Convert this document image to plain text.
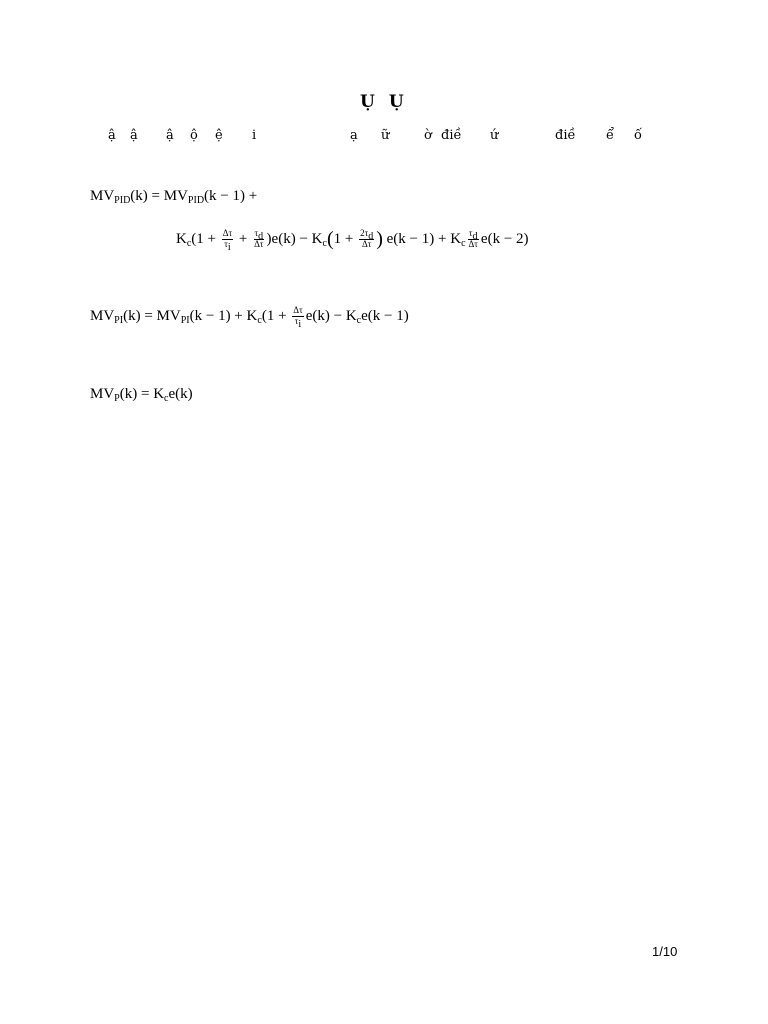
Ụ Ụ
ậ ậ ậ ộ ệ i	ạ ữ	ờ điề ứ	điề ể ố
$MV_{PID}(k) = MV_{PID}(k - 1)$ +
$K_c(1 + \frac{\Delta\tau}{\tau_i} + \frac{\tau_d}{\Delta\tau} )e(k) - K_c(1 + \frac{2\tau_d}{\Delta\tau}$ ) $e(k - 1) + K_c \frac{\tau_d}{\Delta\tau} e(k - 2)$
$MV_{PI}(k) = MV_{PI}(k - 1) + K_c(1 + \frac{\Delta\tau}{\tau_i} e(k) - K_ce(k - 1)$
$MV_P(k) = K_ce(k)$
1/10
